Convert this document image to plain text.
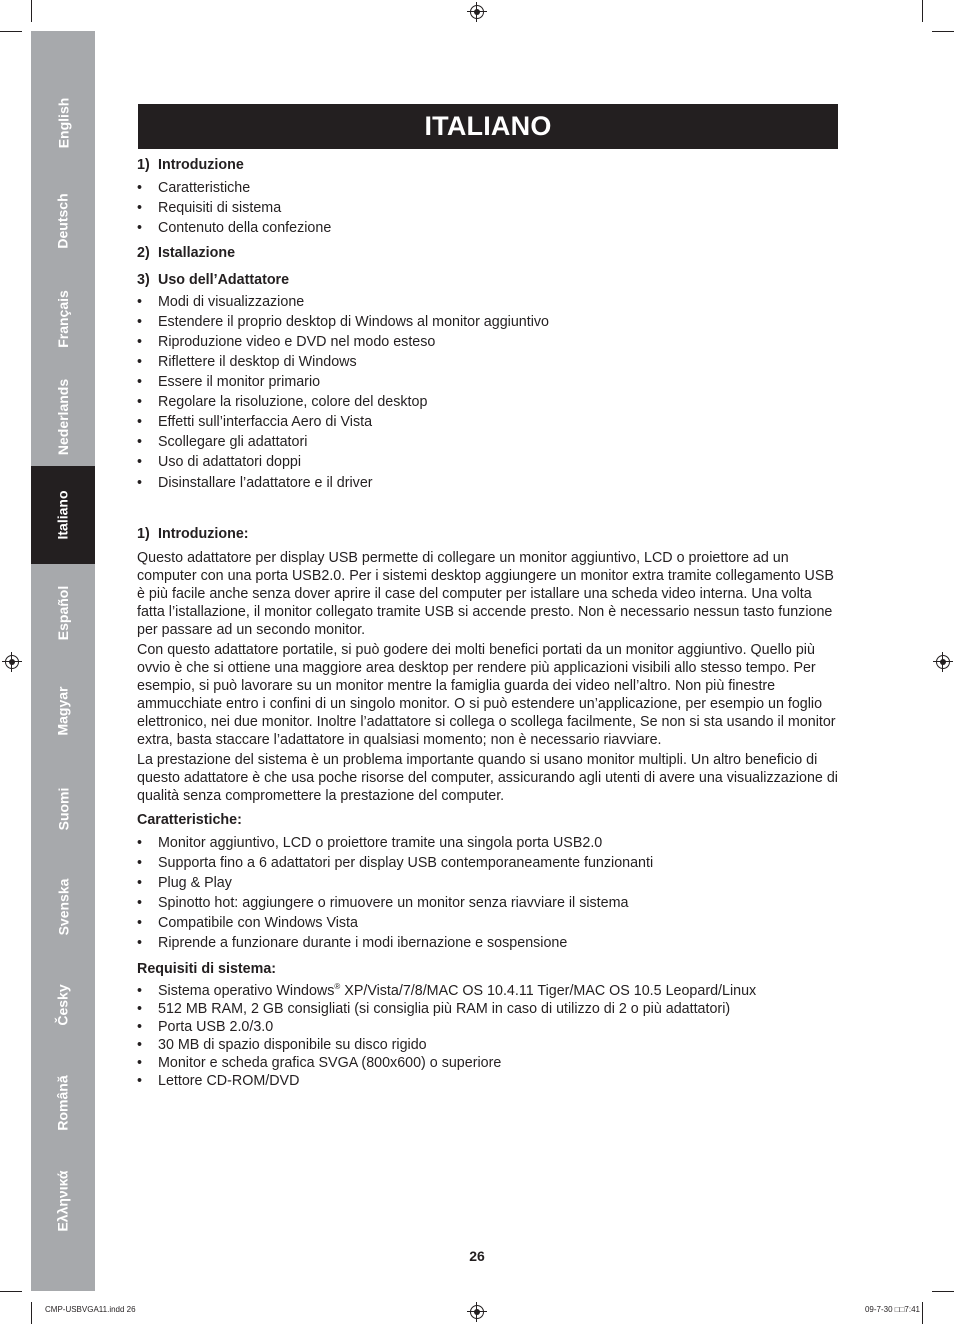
English
Deutsch
Français
Nederlands
Italiano
Español
Magyar
Suomi
Svenska
Česky
Română
Ελληνικά
ITALIANO

1) Introduzione

• Caratteristiche
• Requisiti di sistema
• Contenuto della confezione

2) Istallazione

3) Uso dell’Adattatore

• Modi di visualizzazione
• Estendere il proprio desktop di Windows al monitor aggiuntivo
• Riproduzione video e DVD nel modo esteso
• Riflettere il desktop di Windows
• Essere il monitor primario
• Regolare la risoluzione, colore del desktop
• Effetti sull’interfaccia Aero di Vista
• Scollegare gli adattatori
• Uso di adattatori doppi
• Disinstallare l’adattatore e il driver

1) Introduzione:

Questo adattatore per display USB permette di collegare un monitor aggiuntivo, LCD o proiettore ad un computer con una porta USB2.0. Per i sistemi desktop aggiungere un monitor extra tramite collegamento USB è più facile anche senza dover aprire il case del computer per istallare una scheda video interna. Una volta fatta l’istallazione, il monitor collegato tramite USB si accende presto. Non è necessario nessun tasto funzione per passare ad un secondo monitor.

Con questo adattatore portatile, si può godere dei molti benefici portati da un monitor aggiuntivo. Quello più ovvio è che si ottiene una maggiore area desktop per rendere più applicazioni visibili allo stesso tempo. Per esempio, si può lavorare su un monitor mentre la famiglia guarda dei video nell’altro. Non più finestre ammucchiate entro i confini di un singolo monitor. O si può estendere un’applicazione, per esempio un foglio elettronico, nei due monitor. Inoltre l’adattatore si collega o scollega facilmente, Se non si sta usando il monitor extra, basta staccare l’adattatore in qualsiasi momento; non è necessario riavviare.

La prestazione del sistema è un problema importante quando si usano monitor multipli. Un altro beneficio di questo adattatore è che usa poche risorse del computer, assicurando agli utenti di avere una visualizzazione di qualità senza compromettere la prestazione del computer.

Caratteristiche:

• Monitor aggiuntivo, LCD o proiettore tramite una singola porta USB2.0
• Supporta fino a 6 adattatori per display USB contemporaneamente funzionanti
• Plug & Play
• Spinotto hot: aggiungere o rimuovere un monitor senza riavviare il sistema
• Compatibile con Windows Vista
• Riprende a funzionare durante i modi ibernazione e sospensione

Requisiti di sistema:

• Sistema operativo Windows® XP/Vista/7/8/MAC OS 10.4.11 Tiger/MAC OS 10.5 Leopard/Linux
• 512 MB RAM, 2 GB consigliati (si consiglia più RAM in caso di utilizzo di 2 o più adattatori)
• Porta USB 2.0/3.0
• 30 MB di spazio disponibile su disco rigido
• Monitor e scheda grafica SVGA (800x600) o superiore
• Lettore CD-ROM/DVD
26
CMP-USBVGA11.indd 26	09-7-30 □□7:41
